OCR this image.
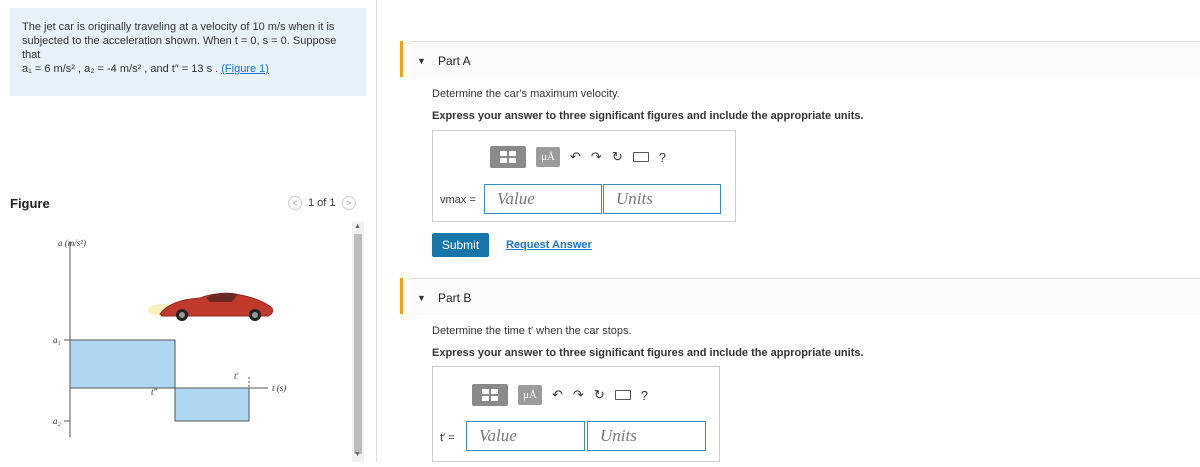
The jet car is originally traveling at a velocity of 10 m/s when it is
subjected to the acceleration shown. When t = 0, s = 0. Suppose that
a₁ = 6 m/s² , a₂ = -4 m/s² , and t″ = 13 s . (Figure 1)
Figure	< 1 of 1 >
a (m/s²)
a₁
a₂
t″
t′
t (s)
▲
▼
▼ Part A
Determine the car's maximum velocity.
Express your answer to three significant figures and include the appropriate units.
μÅ	↶ ↷ ↻	?
vmax =	Value	Units
Submit	Request Answer
▼ Part B
Determine the time t′ when the car stops.
Express your answer to three significant figures and include the appropriate units.
μÅ	↶ ↷ ↻	?
t′ =	Value	Units
